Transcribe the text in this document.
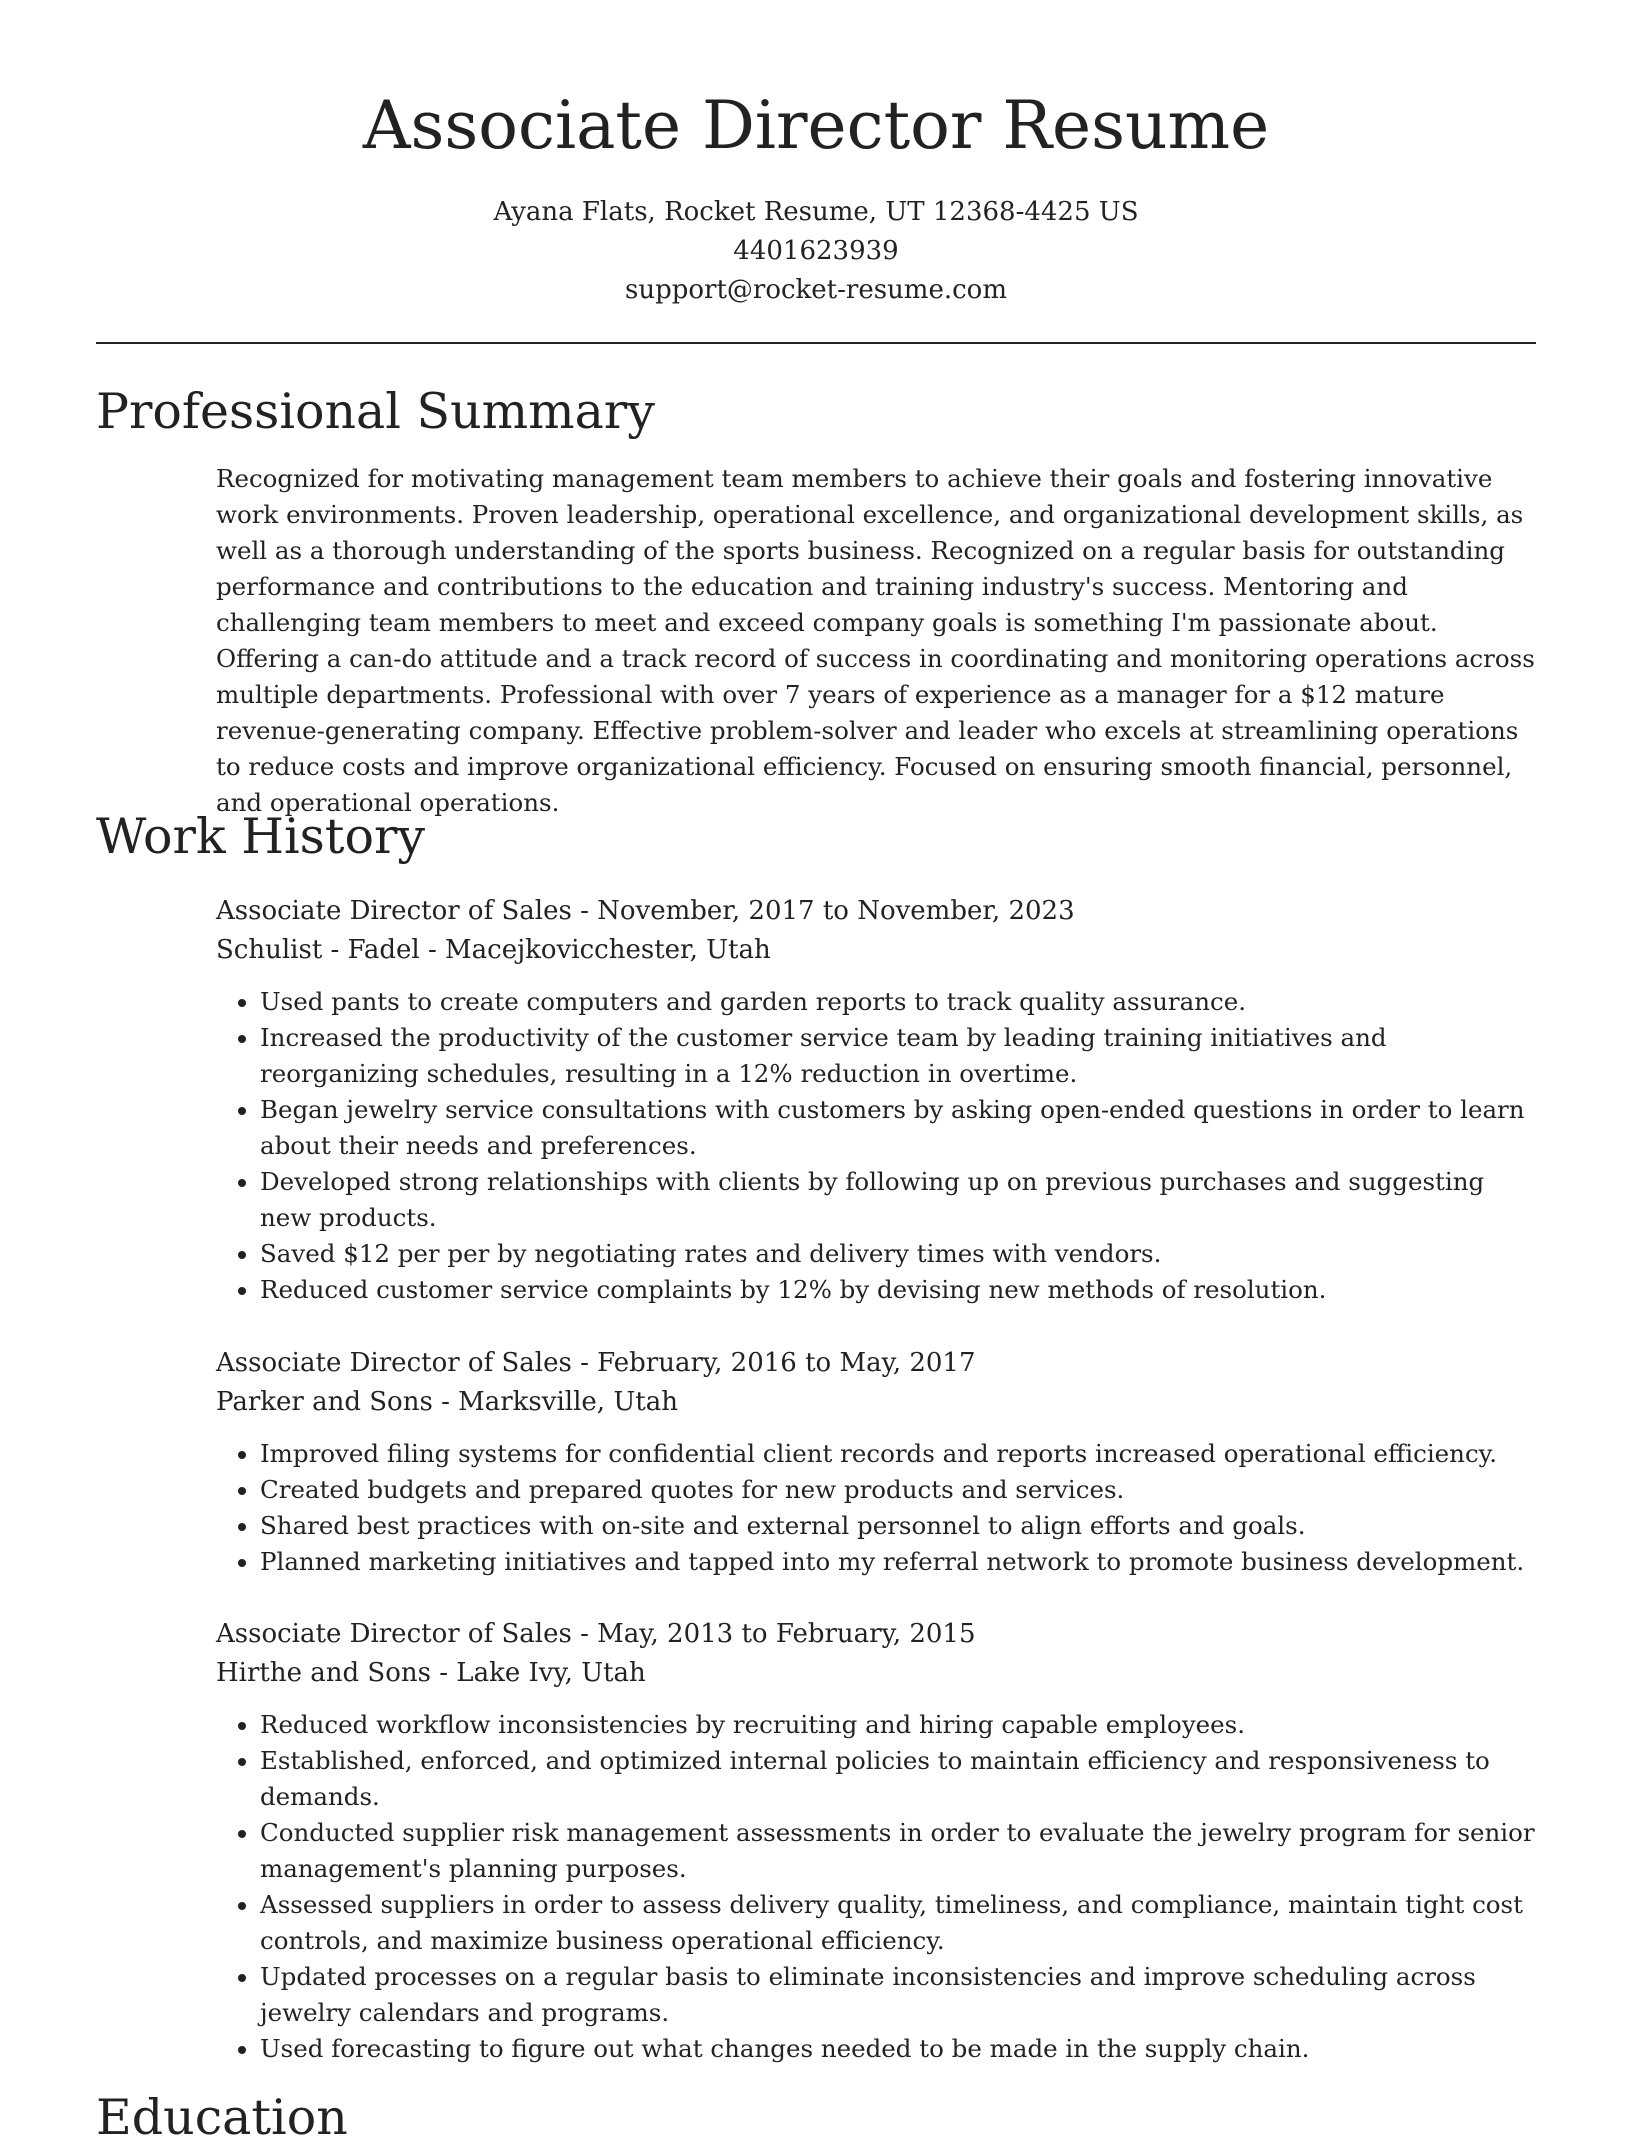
Associate Director Resume
Ayana Flats, Rocket Resume, UT 12368-4425 US
4401623939
support@rocket-resume.com
Professional Summary

Recognized for motivating management team members to achieve their goals and fostering innovative work environments. Proven leadership, operational excellence, and organizational development skills, as well as a thorough understanding of the sports business. Recognized on a regular basis for outstanding performance and contributions to the education and training industry's success. Mentoring and challenging team members to meet and exceed company goals is something I'm passionate about. Offering a can-do attitude and a track record of success in coordinating and monitoring operations across multiple departments. Professional with over 7 years of experience as a manager for a $12 mature revenue-generating company. Effective problem-solver and leader who excels at streamlining operations to reduce costs and improve organizational efficiency. Focused on ensuring smooth financial, personnel, and operational operations.

Work History
Associate Director of Sales - November, 2017 to November, 2023
Schulist - Fadel - Macejkovicchester, Utah
• Used pants to create computers and garden reports to track quality assurance.
• Increased the productivity of the customer service team by leading training initiatives and reorganizing schedules, resulting in a 12% reduction in overtime.
• Began jewelry service consultations with customers by asking open-ended questions in order to learn about their needs and preferences.
• Developed strong relationships with clients by following up on previous purchases and suggesting new products.
• Saved $12 per per by negotiating rates and delivery times with vendors.
• Reduced customer service complaints by 12% by devising new methods of resolution.
Associate Director of Sales - February, 2016 to May, 2017
Parker and Sons - Marksville, Utah
• Improved filing systems for confidential client records and reports increased operational efficiency.
• Created budgets and prepared quotes for new products and services.
• Shared best practices with on-site and external personnel to align efforts and goals.
• Planned marketing initiatives and tapped into my referral network to promote business development.
Associate Director of Sales - May, 2013 to February, 2015
Hirthe and Sons - Lake Ivy, Utah
• Reduced workflow inconsistencies by recruiting and hiring capable employees.
• Established, enforced, and optimized internal policies to maintain efficiency and responsiveness to demands.
• Conducted supplier risk management assessments in order to evaluate the jewelry program for senior management's planning purposes.
• Assessed suppliers in order to assess delivery quality, timeliness, and compliance, maintain tight cost controls, and maximize business operational efficiency.
• Updated processes on a regular basis to eliminate inconsistencies and improve scheduling across jewelry calendars and programs.
• Used forecasting to figure out what changes needed to be made in the supply chain.
Education
